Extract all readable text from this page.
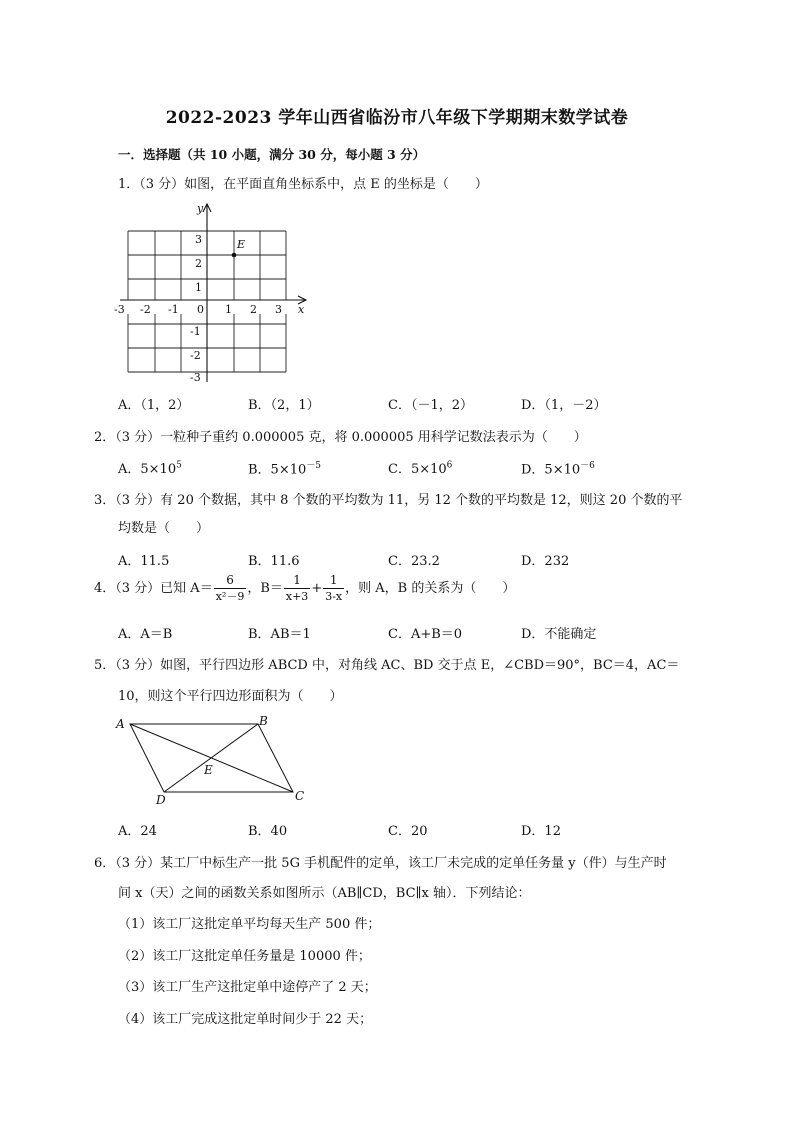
2022-2023 学年山西省临汾市八年级下学期期末数学试卷
一．选择题（共 10 小题，满分 30 分，每小题 3 分）
1．（3 分）如图，在平面直角坐标系中，点 E 的坐标是（　　）
-3 -2 -1 0 1 2 3 x
y
3
2
1
-1
-2
-3
E
A．（1，2）	B．（2，1）	C．（－1，2）	D．（1，－2）
2．（3 分）一粒种子重约 0.000005 克，将 0.000005 用科学记数法表示为（　　）
A．$5\times 10^5$	B．$5\times 10^{-5}$	C．$5\times 10^6$	D．$5\times 10^{-6}$
3．（3 分）有 20 个数据，其中 8 个数的平均数为 11，另 12 个数的平均数是 12，则这 20 个数的平
均数是（　　）
A．11.5	B．11.6	C．23.2	D．232
4．（3 分）已知 $A= \frac{6}{\text{x²－9}}$ ，$B= \frac{1}{x+3} + \frac{1}{3-x}$ ，则 A，B 的关系为（　　）
A．A＝B	B．AB＝1	C．A+B＝0	D．不能确定
5．（3 分）如图，平行四边形 ABCD 中，对角线 AC、BD 交于点 E，∠CBD＝90°，BC＝4，AC＝
10，则这个平行四边形面积为（　　）
A	B
C
D
E
A．24	B．40	C．20	D．12
6．（3 分）某工厂中标生产一批 5G 手机配件的定单，该工厂未完成的定单任务量 y（件）与生产时
间 x（天）之间的函数关系如图所示（AB∥CD，BC∥x 轴）．下列结论：
（1）该工厂这批定单平均每天生产 500 件；
（2）该工厂这批定单任务量是 10000 件；
（3）该工厂生产这批定单中途停产了 2 天；
（4）该工厂完成这批定单时间少于 22 天；
